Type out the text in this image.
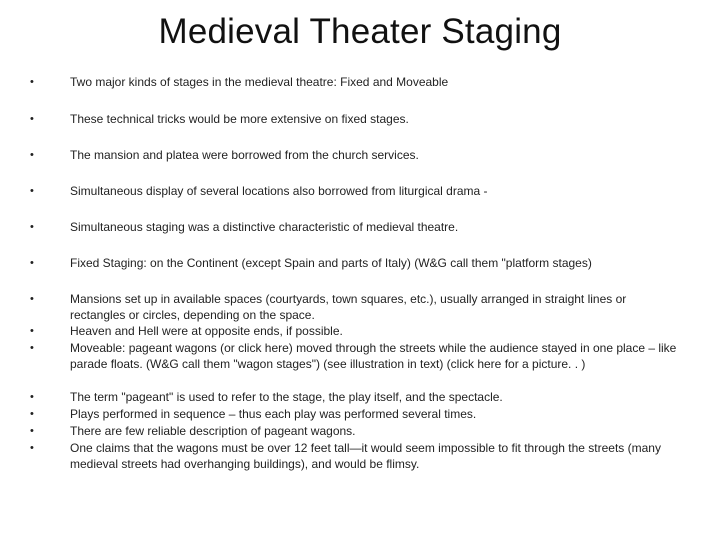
Medieval Theater Staging
•	Two major kinds of stages in the medieval theatre: Fixed and Moveable
•	These technical tricks would be more extensive on fixed stages.
•	The mansion and platea were borrowed from the church services.
•	Simultaneous display of several locations also borrowed from liturgical drama -
•	Simultaneous staging was a distinctive characteristic of medieval theatre.
•	Fixed Staging: on the Continent (except Spain and parts of Italy) (W&G call them "platform stages)
•	Mansions set up in available spaces (courtyards, town squares, etc.), usually arranged in straight lines or rectangles or circles, depending on the space.
•	Heaven and Hell were at opposite ends, if possible.
•	Moveable: pageant wagons (or click here) moved through the streets while the audience stayed in one place – like parade floats. (W&G call them "wagon stages") (see illustration in text) (click here for a picture. . )
•	The term "pageant" is used to refer to the stage, the play itself, and the spectacle.
•	Plays performed in sequence – thus each play was performed several times.
•	There are few reliable description of pageant wagons.
•	One claims that the wagons must be over 12 feet tall—it would seem impossible to fit through the streets (many medieval streets had overhanging buildings), and would be flimsy.
